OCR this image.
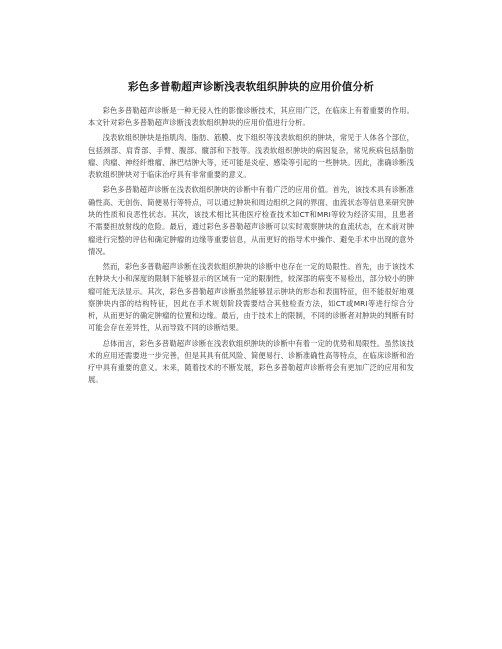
彩色多普勒超声诊断浅表软组织肿块的应用价值分析

彩色多普勒超声诊断是一种无侵入性的影像诊断技术，其应用广泛，在临床上有着重要的作用。本文针对彩色多普勒超声诊断浅表软组织肿块的应用价值进行分析。

浅表软组织肿块是指肌肉、脂肪、筋膜、皮下组织等浅表软组织的肿块，常见于人体各个部位，包括颈部、肩背部、手臂、腹部、髋部和下肢等。浅表软组织肿块的病因复杂，常见疾病包括脂肪瘤、肉瘤、神经纤维瘤、淋巴结肿大等，还可能是炎症、感染等引起的一些肿块。因此，准确诊断浅表软组织肿块对于临床治疗具有非常重要的意义。

彩色多普勒超声诊断在浅表软组织肿块的诊断中有着广泛的应用价值。首先，该技术具有诊断准确性高、无创伤、简便易行等特点，可以通过肿块和周边组织之间的界面、血流状态等信息来研究肿块的性质和良恶性状态。其次，该技术相比其他医疗检查技术如CT和MRI等较为经济实用，且患者不需要担放射线的危险。最后，通过彩色多普勒超声诊断可以实时观察肿块的血流状态，在术前对肿瘤进行完整的评估和确定肿瘤的边缘等重要信息，从而更好的指导术中操作、避免手术中出现的意外情况。

然而，彩色多普勒超声诊断在浅表软组织肿块的诊断中也存在一定的局限性。首先，由于该技术在肿块大小和深度的限制下能够显示的区域有一定的限制性，较深部的病变不易检出，部分较小的肿瘤可能无法显示。其次，彩色多普勒超声诊断虽然能够显示肿块的形态和表面特征，但不能很好地观察肿块内部的结构特征，因此在手术规划阶段需要结合其他检查方法，如CT或MRI等进行综合分析，从而更好的确定肿瘤的位置和边缘。最后，由于技术上的限制，不同的诊断者对肿块的判断有时可能会存在差异性，从而导致不同的诊断结果。

总体而言，彩色多普勒超声诊断在浅表软组织肿块的诊断中有着一定的优势和局限性。虽然该技术的应用还需要进一步完善，但是其具有低风险、简便易行、诊断准确性高等特点，在临床诊断和治疗中具有重要的意义。未来，随着技术的不断发展，彩色多普勒超声诊断将会有更加广泛的应用和发展。
